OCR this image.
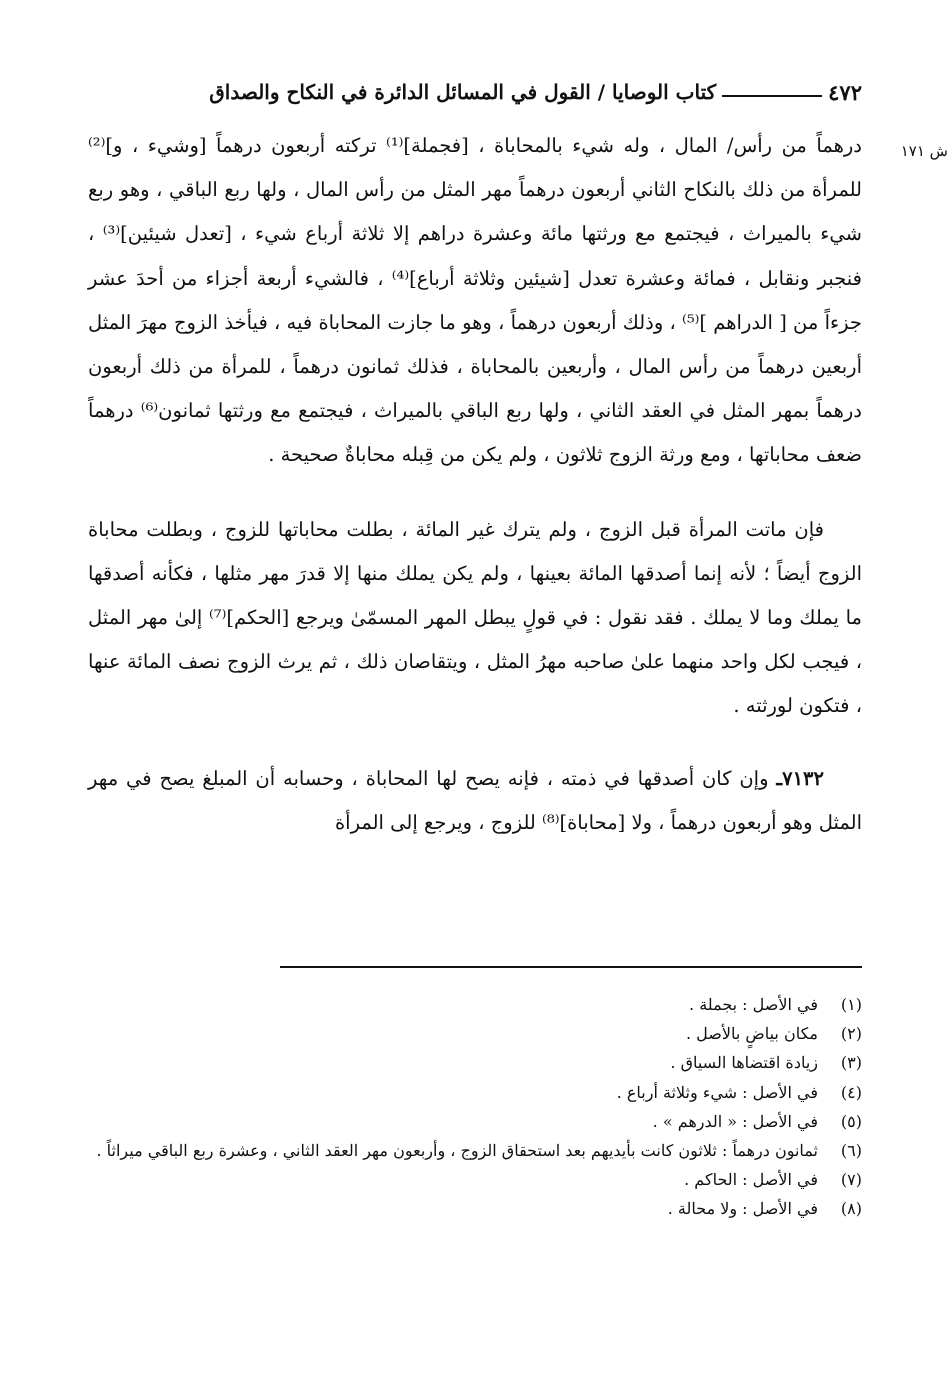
٤٧٢
كتاب الوصايا / القول في المسائل الدائرة في النكاح والصداق
ش ١٧١

درهماً من رأس/ المال ، وله شيء بالمحاباة ، [فجملة]⁽¹⁾ تركته أربعون درهماً [وشيء ، و]⁽²⁾ للمرأة من ذلك بالنكاح الثاني أربعون درهماً مهر المثل من رأس المال ، ولها ربع الباقي ، وهو ربع شيء بالميراث ، فيجتمع مع ورثتها مائة وعشرة دراهم إلا ثلاثة أرباع شيء ، [تعدل شيئين]⁽³⁾ ، فنجبر ونقابل ، فمائة وعشرة تعدل [شيئين وثلاثة أرباع]⁽⁴⁾ ، فالشيء أربعة أجزاء من أحدَ عشر جزءاً من [ الدراهم ]⁽⁵⁾ ، وذلك أربعون درهماً ، وهو ما جازت المحاباة فيه ، فيأخذ الزوج مهرَ المثل أربعين درهماً من رأس المال ، وأربعين بالمحاباة ، فذلك ثمانون درهماً ، للمرأة من ذلك أربعون درهماً بمهر المثل في العقد الثاني ، ولها ربع الباقي بالميراث ، فيجتمع مع ورثتها ثمانون⁽⁶⁾ درهماً ضعف محاباتها ، ومع ورثة الزوج ثلاثون ، ولم يكن من قِبله محاباةٌ صحيحة .

فإن ماتت المرأة قبل الزوج ، ولم يترك غير المائة ، بطلت محاباتها للزوج ، وبطلت محاباة الزوج أيضاً ؛ لأنه إنما أصدقها المائة بعينها ، ولم يكن يملك منها إلا قدرَ مهر مثلها ، فكأنه أصدقها ما يملك وما لا يملك . فقد نقول : في قولٍ يبطل المهر المسمّىٰ ويرجع [الحكم]⁽⁷⁾ إلىٰ مهر المثل ، فيجب لكل واحد منهما علىٰ صاحبه مهرُ المثل ، ويتقاصان ذلك ، ثم يرث الزوج نصف المائة عنها ، فتكون لورثته .

٧١٣٢ـ وإن كان أصدقها في ذمته ، فإنه يصح لها المحاباة ، وحسابه أن المبلغ يصح في مهر المثل وهو أربعون درهماً ، ولا [محاباة]⁽⁸⁾ للزوج ، ويرجع إلى المرأة

(١)
في الأصل : بجملة .
(٢)
مكان بياضٍ بالأصل .
(٣)
زيادة اقتضاها السياق .
(٤)
في الأصل : شيء وثلاثة أرباع .
(٥)
في الأصل : « الدرهم » .
(٦)
ثمانون درهماً : ثلاثون كانت بأيديهم بعد استحقاق الزوج ، وأربعون مهر العقد الثاني ، وعشرة ربع الباقي ميراثاً .
(٧)
في الأصل : الحاكم .
(٨)
في الأصل : ولا محالة .
